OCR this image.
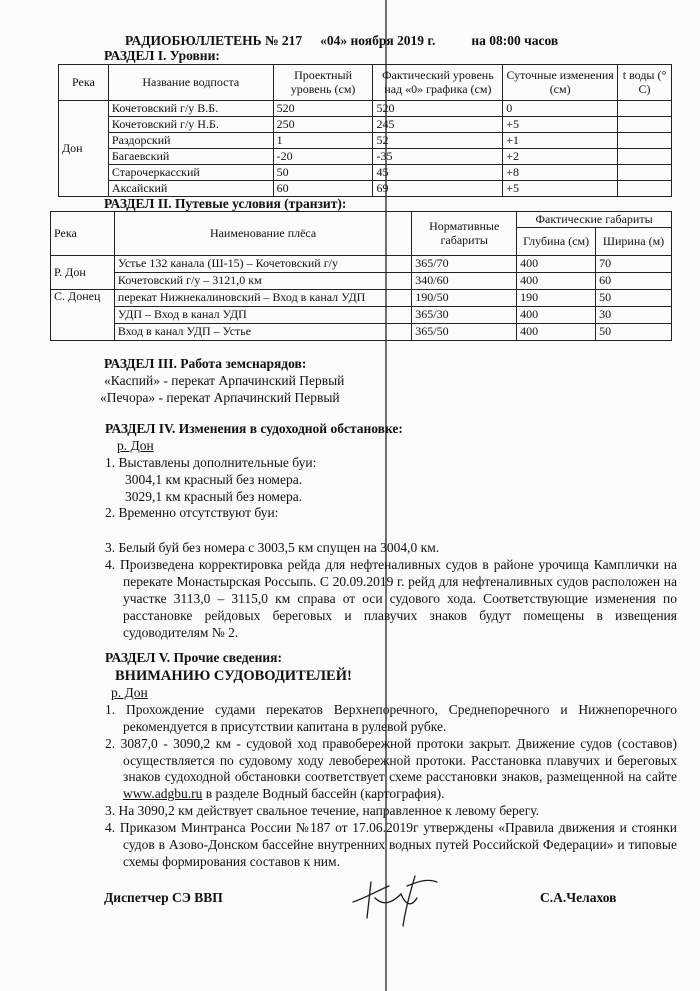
РАДИОБЮЛЛЕТЕНЬ № 217 «04» ноября 2019 г.	на 08:00 часов
РАЗДЕЛ I. Уровни:
Река	Название водпоста	Проектный уровень (см)	Фактический уровень над «0» графика (см)	Суточные изменения (см)	t воды (° C)
Дон	Кочетовский г/у В.Б.	520	520	0	
	Кочетовский г/у Н.Б.	250	245	+5	
	Раздорский	1	52	+1	
	Багаевский	-20	-35	+2	
	Старочеркасский	50	45	+8	
	Аксайский	60	69	+5	
РАЗДЕЛ II. Путевые условия (транзит):
Река	Наименование плёса	Нормативные габариты	Фактические габариты	
			Глубина (см)	Ширина (м)
Р. Дон	Устье 132 канала (Ш-15) – Кочетовский г/у	365/70	400	70
	Кочетовский г/у – 3121,0 км	340/60	400	60
С. Донец	перекат Нижнекалиновский – Вход в канал УДП	190/50	190	50
	УДП – Вход в канал УДП	365/30	400	30
	Вход в канал УДП – Устье	365/50	400	50

РАЗДЕЛ III. Работа земснарядов:

«Каспий» - перекат Арпачинский Первый

«Печора» - перекат Арпачинский Первый

РАЗДЕЛ IV. Изменения в судоходной обстановке:

р. Дон

1. Выставлены дополнительные буи:

3004,1 км красный без номера.

3029,1 км красный без номера.

2. Временно отсутствуют буи:

3. Белый буй без номера с 3003,5 км спущен на 3004,0 км.

4. Произведена корректировка рейда для нефтеналивных судов в районе урочища Камплички на перекате Монастырская Россыпь. С 20.09.2019 г. рейд для нефтеналивных судов расположен на участке 3113,0 – 3115,0 км справа от оси судового хода. Соответствующие изменения по расстановке рейдовых береговых и плавучих знаков будут помещены в извещения судоводителям № 2.

РАЗДЕЛ V. Прочие сведения:

ВНИМАНИЮ СУДОВОДИТЕЛЕЙ!

р. Дон

1. Прохождение судами перекатов Верхнепоречного, Среднепоречного и Нижнепоречного рекомендуется в присутствии капитана в рулевой рубке.

2. 3087,0 - 3090,2 км - судовой ход правобережной протоки закрыт. Движение судов (составов) осуществляется по судовому ходу левобережной протоки. Расстановка плавучих и береговых знаков судоходной обстановки соответствует схеме расстановки знаков, размещенной на сайте www.adgbu.ru в разделе Водный бассейн (картография).

3. На 3090,2 км действует свальное течение, направленное к левому берегу.

4. Приказом Минтранса России №187 от 17.06.2019г утверждены «Правила движения и стоянки судов в Азово-Донском бассейне внутренних водных путей Российской Федерации» и типовые схемы формирования составов к ним.

Диспетчер СЭ ВВП	С.А.Челахов
